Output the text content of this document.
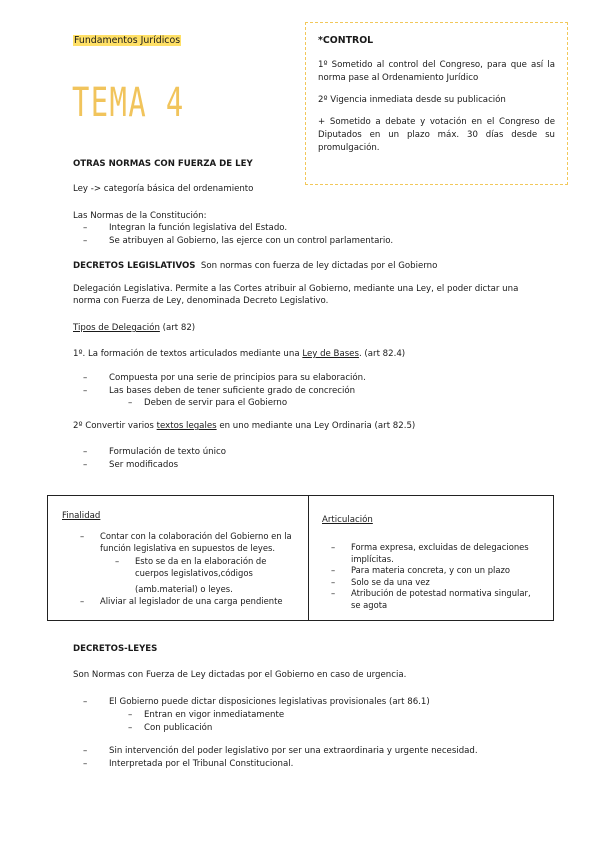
Fundamentos Jurídicos
TEMA 4
*CONTROL

1º Sometido al control del Congreso, para que así la norma pase al Ordenamiento Jurídico

2º Vigencia inmediata desde su publicación

+ Sometido a debate y votación en el Congreso de Diputados en un plazo máx. 30 días desde su promulgación.

OTRAS NORMAS CON FUERZA DE LEY
Ley -> categoría básica del ordenamiento
Las Normas de la Constitución:
– Integran la función legislativa del Estado.
– Se atribuyen al Gobierno, las ejerce con un control parlamentario.
DECRETOS LEGISLATIVOS Son normas con fuerza de ley dictadas por el Gobierno
Delegación Legislativa. Permite a las Cortes atribuir al Gobierno, mediante una Ley, el poder dictar una
norma con Fuerza de Ley, denominada Decreto Legislativo.
Tipos de Delegación (art 82)
1º. La formación de textos articulados mediante una Ley de Bases. (art 82.4)
– Compuesta por una serie de principios para su elaboración.
– Las bases deben de tener suficiente grado de concreción
– Deben de servir para el Gobierno
2º Convertir varios textos legales en uno mediante una Ley Ordinaria (art 82.5)
– Formulación de texto único
– Ser modificados
Finalidad
– Contar con la colaboración del Gobierno en la
función legislativa en supuestos de leyes.
– Esto se da en la elaboración de
cuerpos legislativos,códigos
(amb.material) o leyes.
– Aliviar al legislador de una carga pendiente
Articulación
– Forma expresa, excluidas de delegaciones
implícitas.
– Para materia concreta, y con un plazo
– Solo se da una vez
– Atribución de potestad normativa singular,
se agota
DECRETOS-LEYES
Son Normas con Fuerza de Ley dictadas por el Gobierno en caso de urgencia.
– El Gobierno puede dictar disposiciones legislativas provisionales (art 86.1)
– Entran en vigor inmediatamente
– Con publicación
– Sin intervención del poder legislativo por ser una extraordinaria y urgente necesidad.
– Interpretada por el Tribunal Constitucional.
